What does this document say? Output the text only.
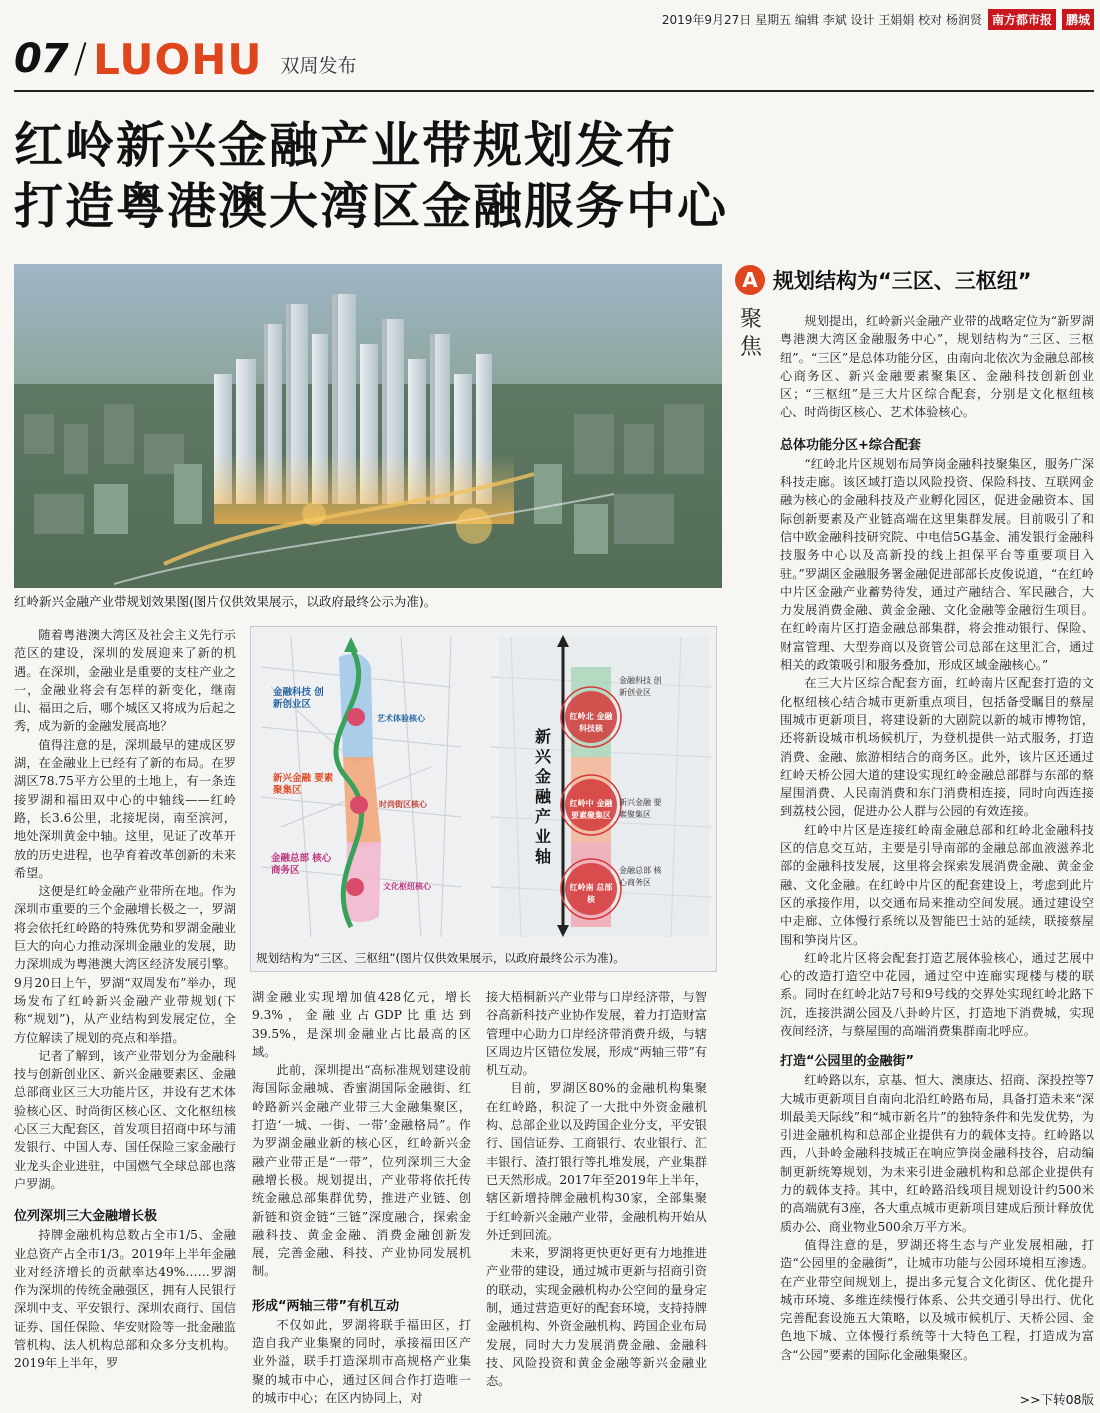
2019年9月27日 星期五 编辑 李斌 设计 王娟娟 校对 杨润贤 南方都市报	鹏城
07 / LUOHU 双周发布
红岭新兴金融产业带规划发布
打造粤港澳大湾区金融服务中心
红岭新兴金融产业带规划效果图(图片仅供效果展示，以政府最终公示为准)。
A 规划结构为“三区、三枢纽”
聚焦

规划提出，红岭新兴金融产业带的战略定位为“新罗湖 粤港澳大湾区金融服务中心”，规划结构为“三区、三枢纽”。“三区”是总体功能分区，由南向北依次为金融总部核心商务区、新兴金融要素聚集区、金融科技创新创业区；“三枢纽”是三大片区综合配套，分别是文化枢纽核心、时尚街区核心、艺术体验核心。

总体功能分区+综合配套

“红岭北片区规划布局笋岗金融科技聚集区，服务广深科技走廊。该区域打造以风险投资、保险科技、互联网金融为核心的金融科技及产业孵化园区，促进金融资本、国际创新要素及产业链高端在这里集群发展。目前吸引了和信中欧金融科技研究院、中电信5G基金、浦发银行金融科技服务中心以及高新投的线上担保平台等重要项目入驻。”罗湖区金融服务署金融促进部部长皮俊说道，“在红岭中片区金融产业蓄势待发，通过产融结合、军民融合，大力发展消费金融、黄金金融、文化金融等金融衍生项目。在红岭南片区打造金融总部集群，将会推动银行、保险、财富管理、大型券商以及资管公司总部在这里汇合，通过相关的政策吸引和服务叠加，形成区域金融核心。”

在三大片区综合配套方面，红岭南片区配套打造的文化枢纽核心结合城市更新重点项目，包括备受瞩目的蔡屋围城市更新项目，将建设新的大剧院以新的城市博物馆，还将新设城市机场候机厅，为登机提供一站式服务，打造消费、金融、旅游相结合的商务区。此外，该片区还通过红岭天桥公园大道的建设实现红岭金融总部群与东部的蔡屋围消费、人民南消费和东门消费相连接，同时向西连接到荔枝公园，促进办公人群与公园的有效连接。

红岭中片区是连接红岭南金融总部和红岭北金融科技区的信息交互站，主要是引导南部的金融总部血液滋养北部的金融科技发展，这里将会探索发展消费金融、黄金金融、文化金融。在红岭中片区的配套建设上，考虑到此片区的承接作用，以交通布局来推动空间发展。通过建设空中走廊、立体慢行系统以及智能巴士站的延续，联接蔡屋围和笋岗片区。

红岭北片区将会配套打造艺展体验核心，通过艺展中心的改造打造空中花园，通过空中连廊实现楼与楼的联系。同时在红岭北站7号和9号线的交界处实现红岭北路下沉，连接洪湖公园及八卦岭片区，打造地下消费城，实现夜间经济，与蔡屋围的高端消费集群南北呼应。

打造“公园里的金融街”

红岭路以东，京基、恒大、澳康达、招商、深投控等7大城市更新项目自南向北沿红岭路布局，具备打造未来“深圳最美天际线”和“城市新名片”的独特条件和先发优势，为引进金融机构和总部企业提供有力的载体支持。红岭路以西，八卦岭金融科技城正在响应笋岗金融科技谷，启动编制更新统筹规划，为未来引进金融机构和总部企业提供有力的载体支持。其中，红岭路沿线项目规划设计约500米的高端就有3座，各大重点城市更新项目建成后预计释放优质办公、商业物业500余万平方米。

值得注意的是，罗湖还将生态与产业发展相融，打造“公园里的金融街”，让城市功能与公园环境相互渗透。在产业带空间规划上，提出多元复合文化街区、优化提升城市环境、多维连续慢行体系、公共交通引导出行、优化完善配套设施五大策略，以及城市候机厅、天桥公园、金色地下城、立体慢行系统等十大特色工程，打造成为富含“公园”要素的国际化金融集聚区。

>>下转08版

随着粤港澳大湾区及社会主义先行示范区的建设，深圳的发展迎来了新的机遇。在深圳，金融业是重要的支柱产业之一，金融业将会有怎样的新变化，继南山、福田之后，哪个城区又将成为后起之秀，成为新的金融发展高地？

值得注意的是，深圳最早的建成区罗湖，在金融业上已经有了新的布局。在罗湖区78.75平方公里的土地上，有一条连接罗湖和福田双中心的中轴线——红岭路，长3.6公里，北接坭岗，南至滨河，地处深圳黄金中轴。这里，见证了改革开放的历史进程，也孕育着改革创新的未来希望。

这便是红岭金融产业带所在地。作为深圳市重要的三个金融增长极之一，罗湖将会依托红岭路的特殊优势和罗湖金融业巨大的向心力推动深圳金融业的发展，助力深圳成为粤港澳大湾区经济发展引擎。9月20日上午，罗湖“双周发布”举办，现场发布了红岭新兴金融产业带规划(下称“规划”)，从产业结构到发展定位，全方位解读了规划的亮点和举措。

记者了解到，该产业带划分为金融科技与创新创业区、新兴金融要素区、金融总部商业区三大功能片区，并设有艺术体验核心区、时尚街区核心区、文化枢纽核心区三大配套区，首发项目招商中环与浦发银行、中国人寿、国任保险三家金融行业龙头企业进驻，中国燃气全球总部也落户罗湖。

位列深圳三大金融增长极

持牌金融机构总数占全市1/5、金融业总资产占全市1/3。2019年上半年金融业对经济增长的贡献率达49%……罗湖作为深圳的传统金融强区，拥有人民银行深圳中支、平安银行、深圳农商行、国信证券、国任保险、华安财险等一批金融监管机构、法人机构总部和众多分支机构。2019年上半年，罗

金融科技 创新创业区
艺术体验核心
新兴金融 要素聚集区
时尚街区核心
金融总部 核心商务区
文化枢纽核心
新兴金融产业轴
金融科技 创新创业区
红岭北 金融科技核
红岭中 金融要素聚集区
新兴金融 要素聚集区
红岭南 总部核
金融总部 核心商务区
规划结构为“三区、三枢纽”(图片仅供效果展示，以政府最终公示为准)。

湖金融业实现增加值428亿元，增长9.3%，金融业占GDP比重达到39.5%，是深圳金融业占比最高的区域。

此前，深圳提出“高标准规划建设前海国际金融城、香蜜湖国际金融街、红岭路新兴金融产业带三大金融集聚区，打造‘一城、一街、一带’金融格局”。作为罗湖金融业新的核心区，红岭新兴金融产业带正是“一带”，位列深圳三大金融增长极。规划提出，产业带将依托传统金融总部集群优势，推进产业链、创新链和资金链“三链”深度融合，探索金融科技、黄金金融、消费金融创新发展，完善金融、科技、产业协同发展机制。

形成“两轴三带”有机互动

不仅如此，罗湖将联手福田区，打造自我产业集聚的同时，承接福田区产业外溢，联手打造深圳市高规格产业集聚的城市中心，通过区间合作打造唯一的城市中心；在区内协同上，对

接大梧桐新兴产业带与口岸经济带，与智谷高新科技产业协作发展，着力打造财富管理中心助力口岸经济带消费升级，与辖区周边片区错位发展，形成“两轴三带”有机互动。

目前，罗湖区80%的金融机构集聚在红岭路，积淀了一大批中外资金融机构、总部企业以及跨国企业分支，平安银行、国信证券、工商银行、农业银行、汇丰银行、渣打银行等扎堆发展，产业集群已天然形成。2017年至2019年上半年，辖区新增持牌金融机构30家，全部集聚于红岭新兴金融产业带，金融机构开始从外迁到回流。

未来，罗湖将更快更好更有力地推进产业带的建设，通过城市更新与招商引资的联动，实现金融机构办公空间的量身定制，通过营造更好的配套环境，支持持牌金融机构、外资金融机构、跨国企业布局发展，同时大力发展消费金融、金融科技、风险投资和黄金金融等新兴金融业态。
